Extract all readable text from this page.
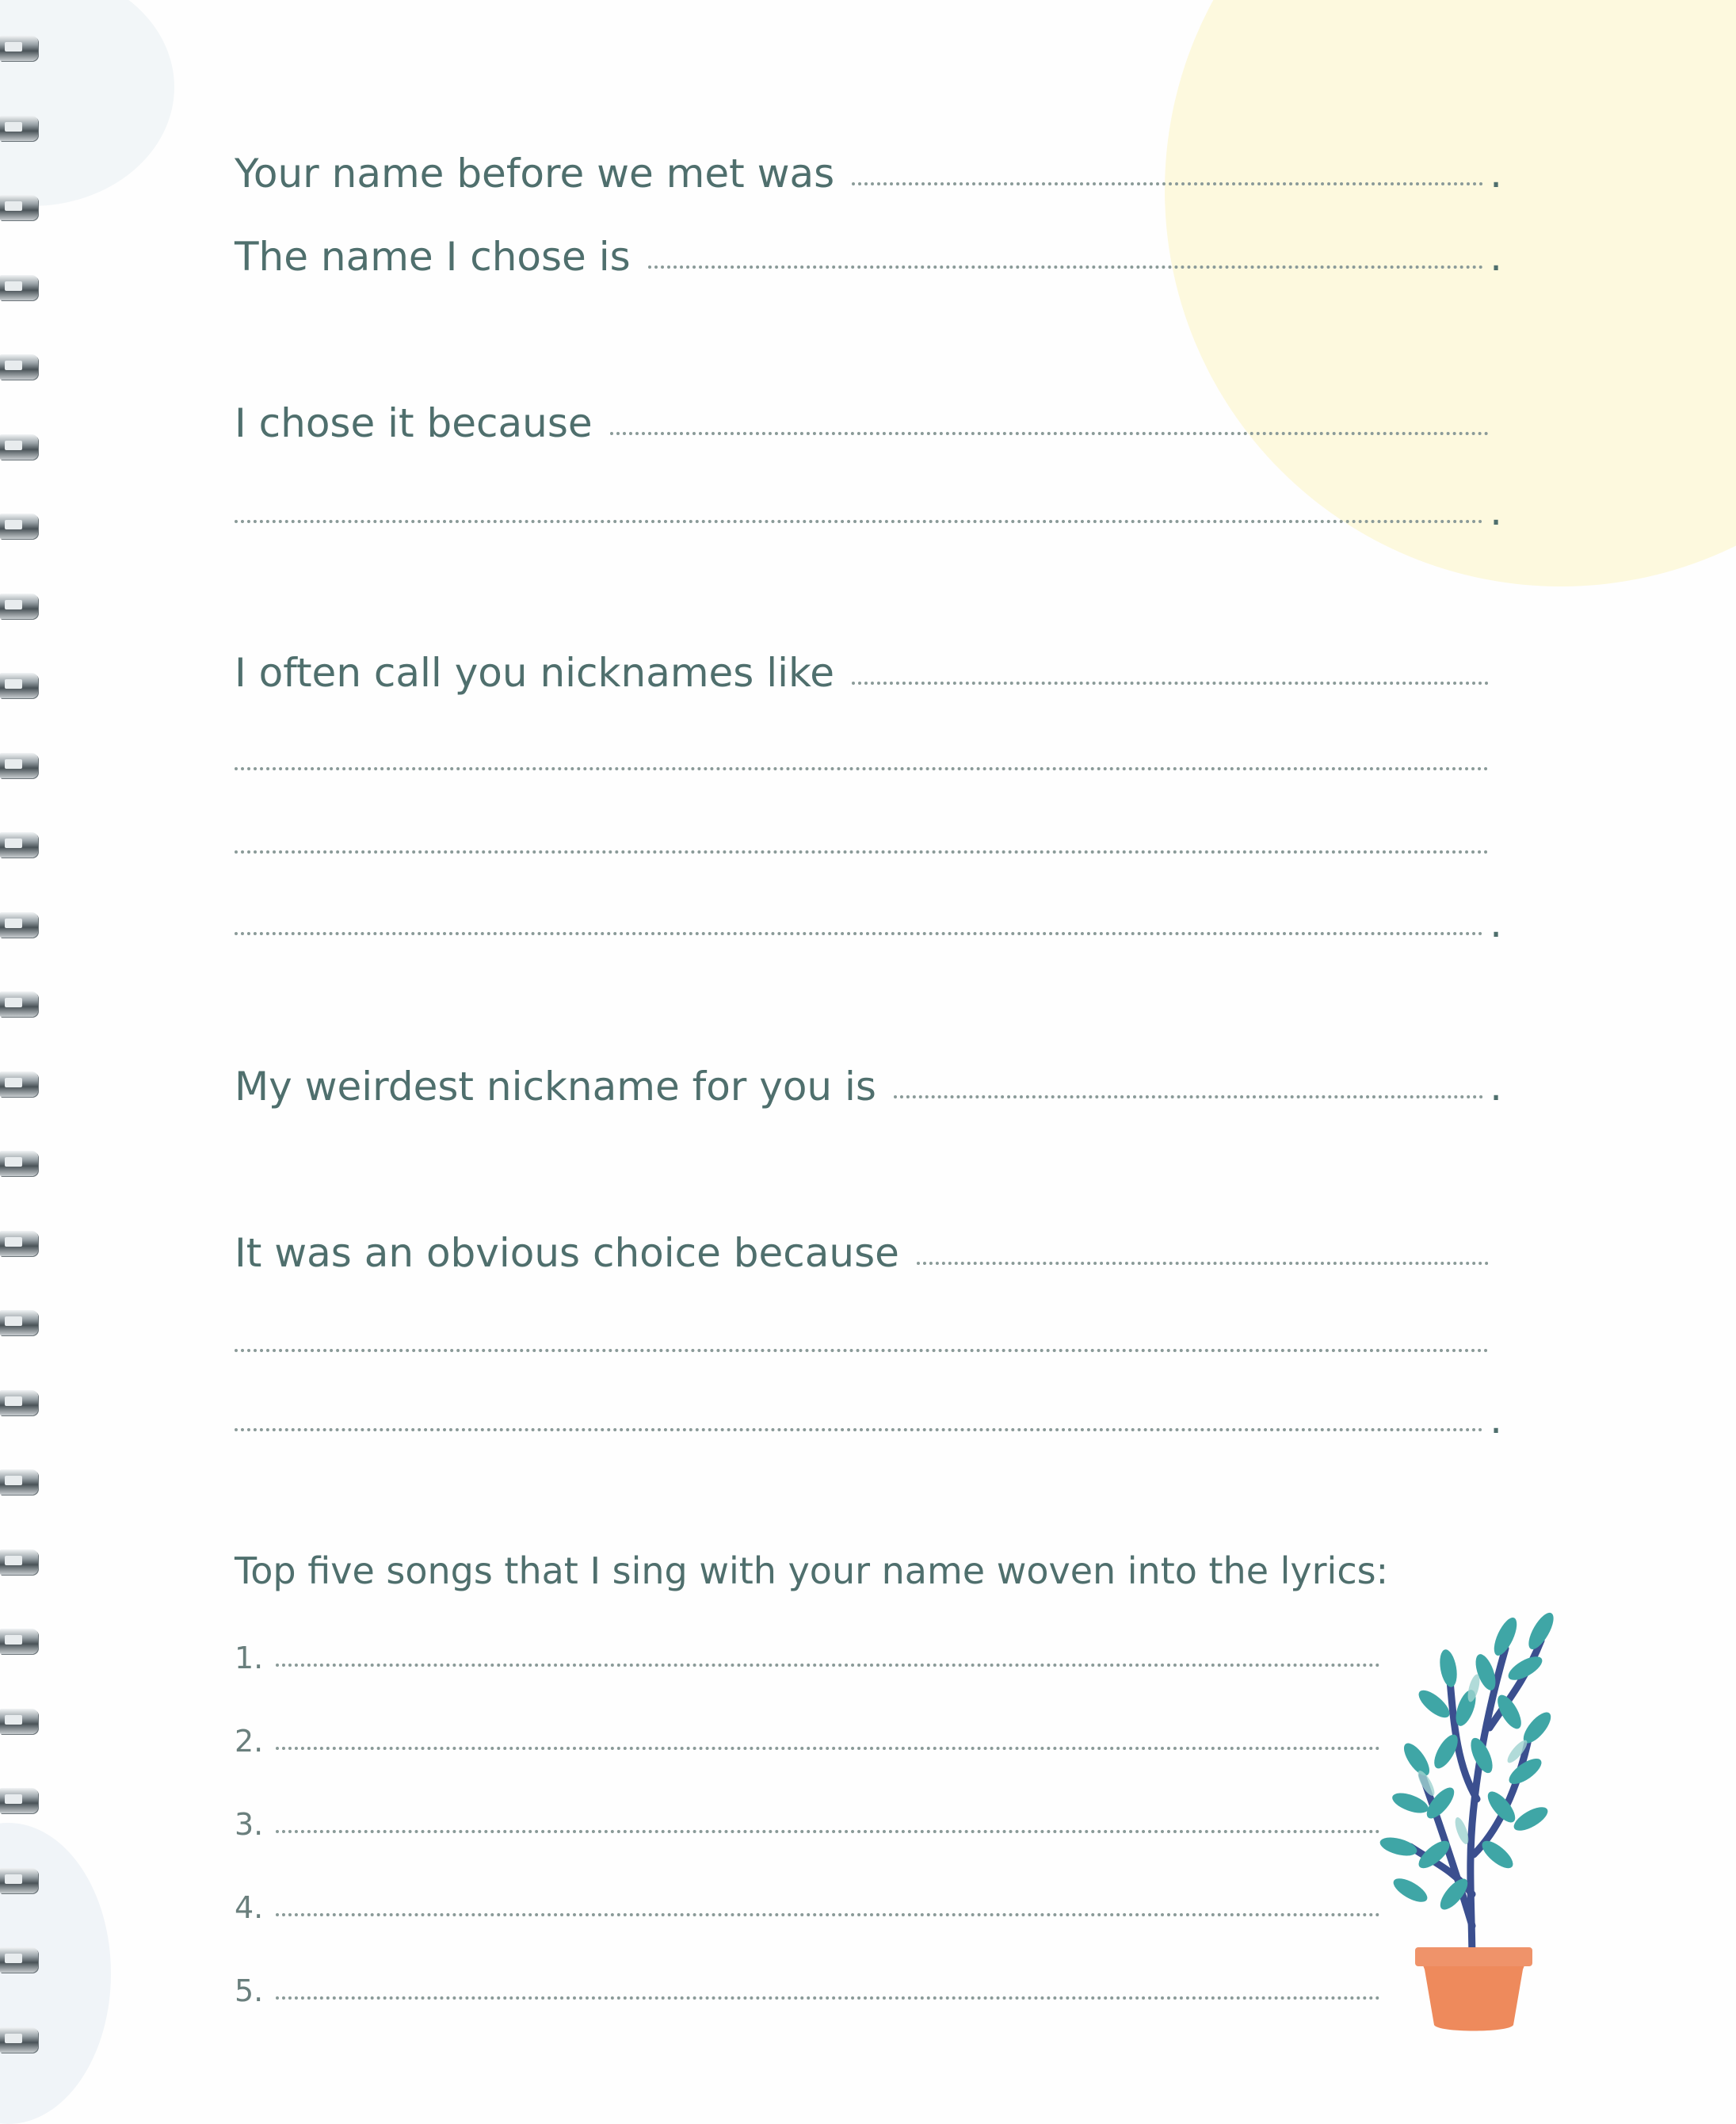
Your name before we met was	.
The name I chose is	.
I chose it because
.
I often call you nicknames like
.
My weirdest nickname for you is	.
It was an obvious choice because
.
Top five songs that I sing with your name woven into the lyrics:
1.
2.
3.
4.
5.
